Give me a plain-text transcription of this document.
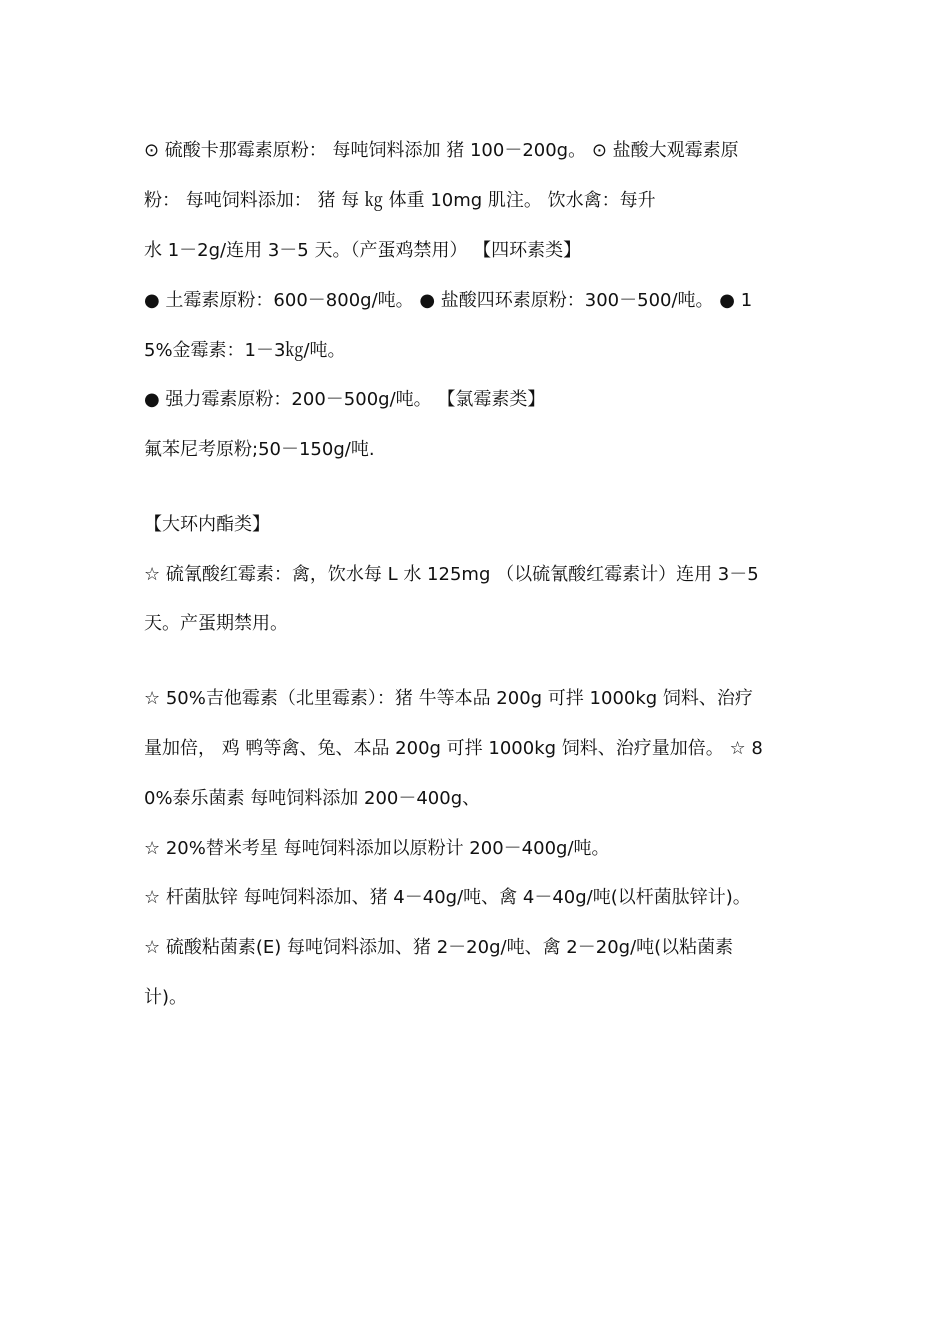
⊙ 硫酸卡那霉素原粉： 每吨饲料添加 猪 100－200g。 ⊙ 盐酸大观霉素原
粉： 每吨饲料添加： 猪 每 ㎏ 体重 10mg 肌注。 饮水禽：每升
水 1－2g/连用 3－5 天。（产蛋鸡禁用） 【四环素类】
● 土霉素原粉：600－800g/吨。 ● 盐酸四环素原粉：300－500/吨。 ● 1
5%金霉素：1－3㎏/吨。
● 强力霉素原粉：200－500g/吨。 【氯霉素类】
氟苯尼考原粉;50－150g/吨.
【大环内酯类】
☆ 硫氰酸红霉素：禽，饮水每 L 水 125mg （以硫氰酸红霉素计）连用 3－5
天。产蛋期禁用。
☆ 50%吉他霉素（北里霉素）：猪 牛等本品 200g 可拌 1000kg 饲料、治疗
量加倍， 鸡 鸭等禽、兔、本品 200g 可拌 1000kg 饲料、治疗量加倍。 ☆ 8
0%泰乐菌素 每吨饲料添加 200－400g、
☆ 20%替米考星 每吨饲料添加以原粉计 200－400g/吨。
☆ 杆菌肽锌 每吨饲料添加、猪 4－40g/吨、禽 4－40g/吨(以杆菌肽锌计)。
☆ 硫酸粘菌素(E) 每吨饲料添加、猪 2－20g/吨、禽 2－20g/吨(以粘菌素
计)。
